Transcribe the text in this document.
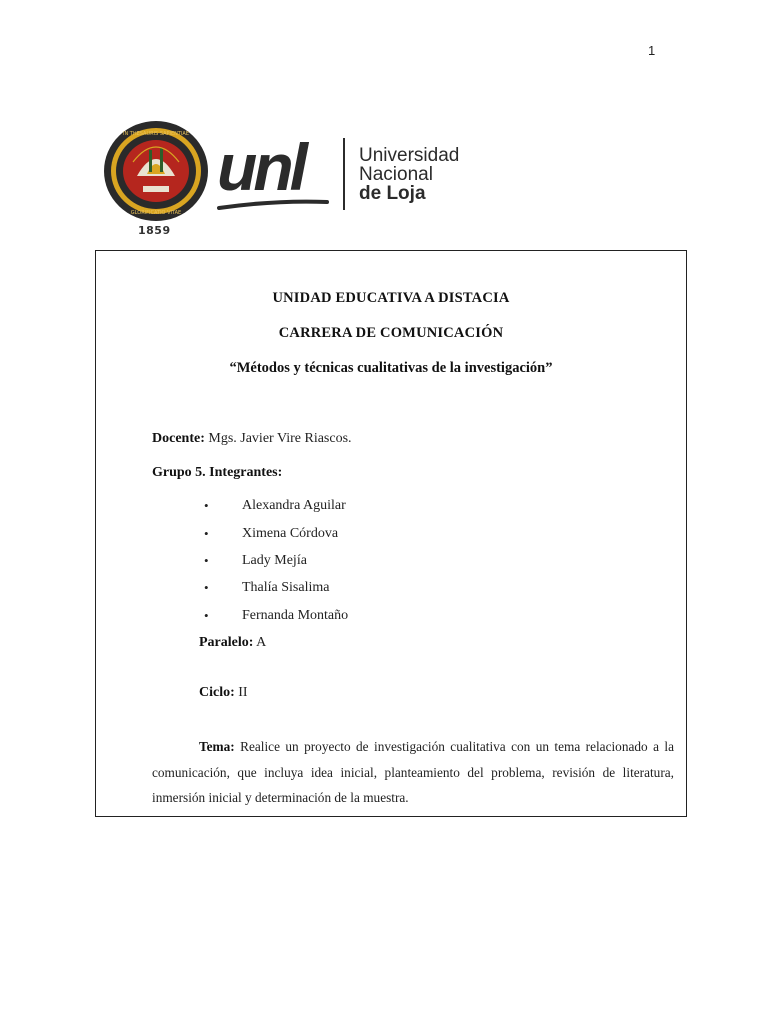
1
IN THESAURIS SAPIENTIAE
GLORIFICATIO VITAE
1859
unl	Universidad
Nacional
de Loja
UNIDAD EDUCATIVA A DISTACIA
CARRERA DE COMUNICACIÓN
“Métodos y técnicas cualitativas de la investigación”
Docente: Mgs. Javier Vire Riascos.
Grupo 5. Integrantes:
• Alexandra Aguilar
• Ximena Córdova
• Lady Mejía
• Thalía Sisalima
• Fernanda Montaño
Paralelo: A
Ciclo: II
Tema: Realice un proyecto de investigación cualitativa con un tema relacionado a la comunicación, que incluya idea inicial, planteamiento del problema, revisión de literatura, inmersión inicial y determinación de la muestra.
